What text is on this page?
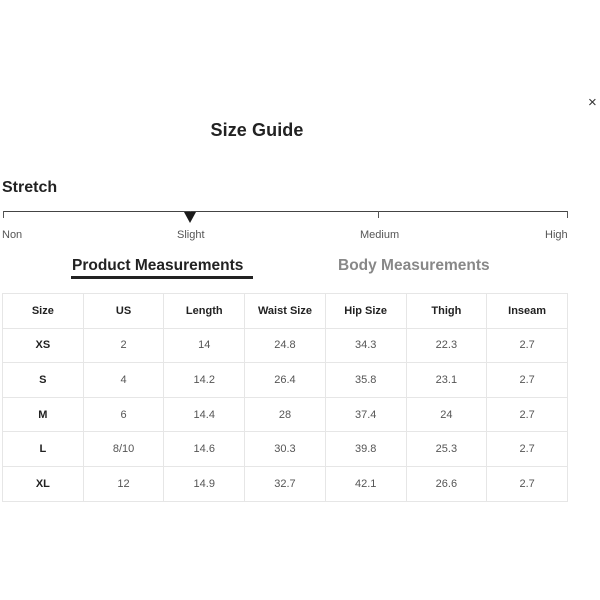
×
Size Guide
Stretch
Non	Slight	Medium	High
Product Measurements	Body Measurements
Size	US	Length	Waist Size	Hip Size	Thigh	Inseam
XS	2	14	24.8	34.3	22.3	2.7
S	4	14.2	26.4	35.8	23.1	2.7
M	6	14.4	28	37.4	24	2.7
L	8/10	14.6	30.3	39.8	25.3	2.7
XL	12	14.9	32.7	42.1	26.6	2.7
